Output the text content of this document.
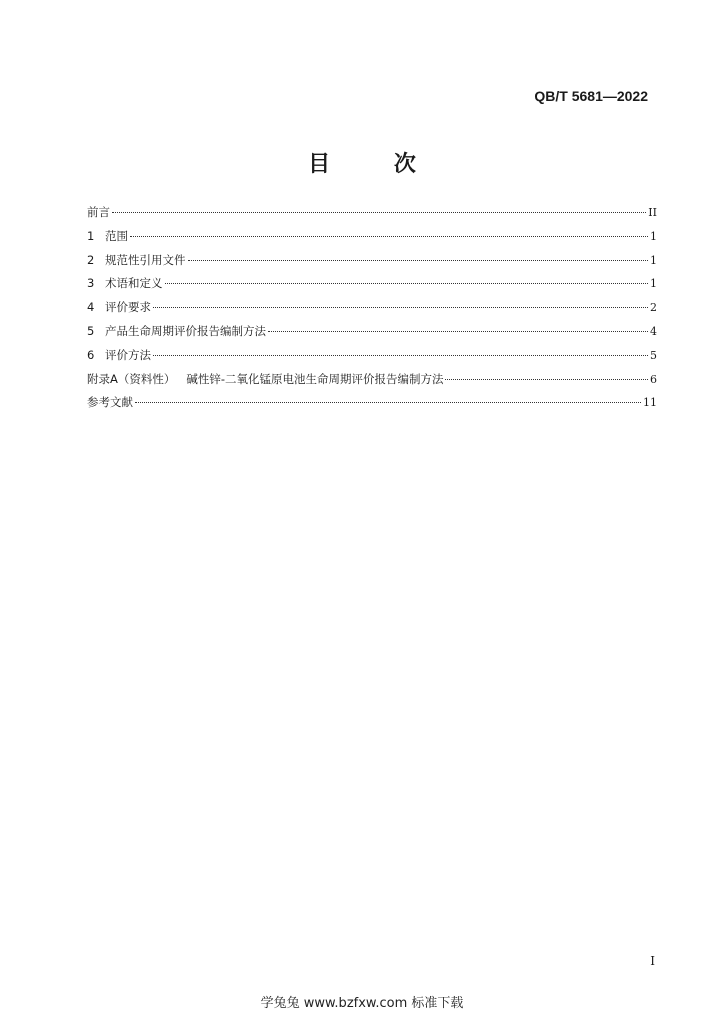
QB/T 5681—2022
目 次
前言	II
1 范围	1
2 规范性引用文件	1
3 术语和定义	1
4 评价要求	2
5 产品生命周期评价报告编制方法	4
6 评价方法	5
附录A（资料性）   碱性锌-二氧化锰原电池生命周期评价报告编制方法	6
参考文献	11
I
学兔兔 www.bzfxw.com 标准下载
